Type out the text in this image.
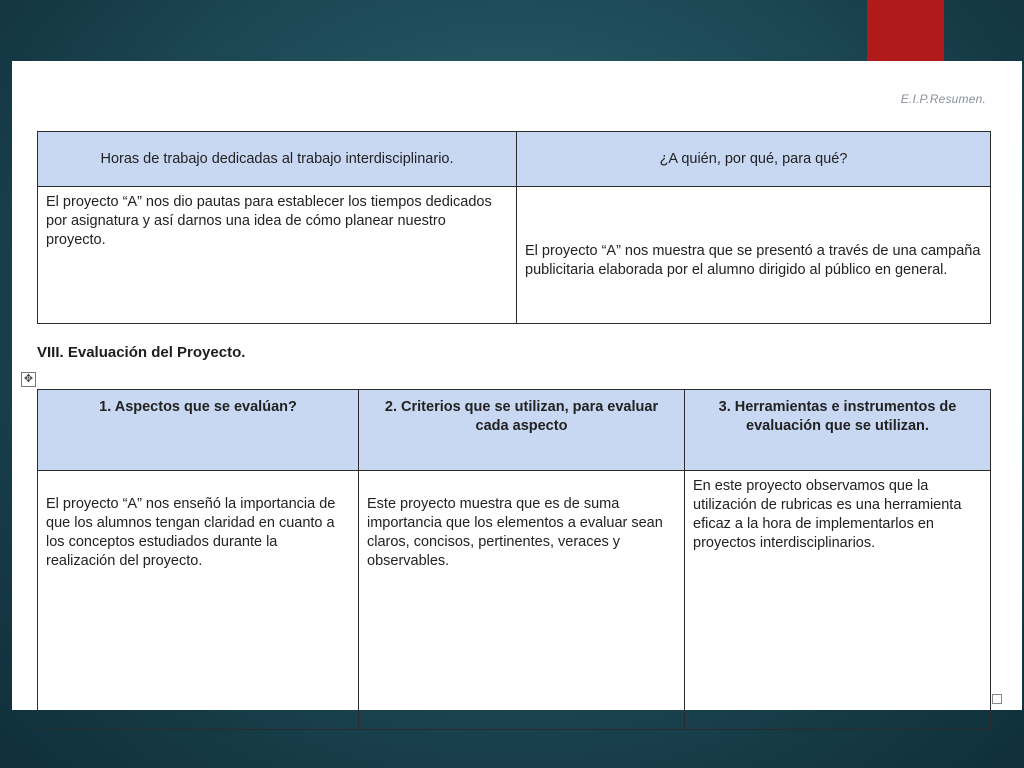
E.I.P.Resumen.
Horas de trabajo dedicadas al trabajo interdisciplinario.	¿A quién, por qué, para qué?
El proyecto “A” nos dio pautas para establecer los tiempos dedicados por asignatura y así darnos una idea de cómo planear nuestro proyecto.	El proyecto “A” nos muestra que se presentó a través de una campaña publicitaria elaborada por el alumno dirigido al público en general.
VIII. Evaluación del Proyecto.
✥
1. Aspectos que se evalúan?	2. Criterios que se utilizan, para evaluar cada aspecto	3. Herramientas e instrumentos de evaluación que se utilizan.
El proyecto “A” nos enseñó la importancia de que los alumnos tengan claridad en cuanto a los conceptos estudiados durante la realización del proyecto.	Este proyecto muestra que es de suma importancia que los elementos a evaluar sean claros, concisos, pertinentes, veraces y observables.	En este proyecto observamos que la utilización de rubricas es una herramienta eficaz a la hora de implementarlos en proyectos interdisciplinarios.
